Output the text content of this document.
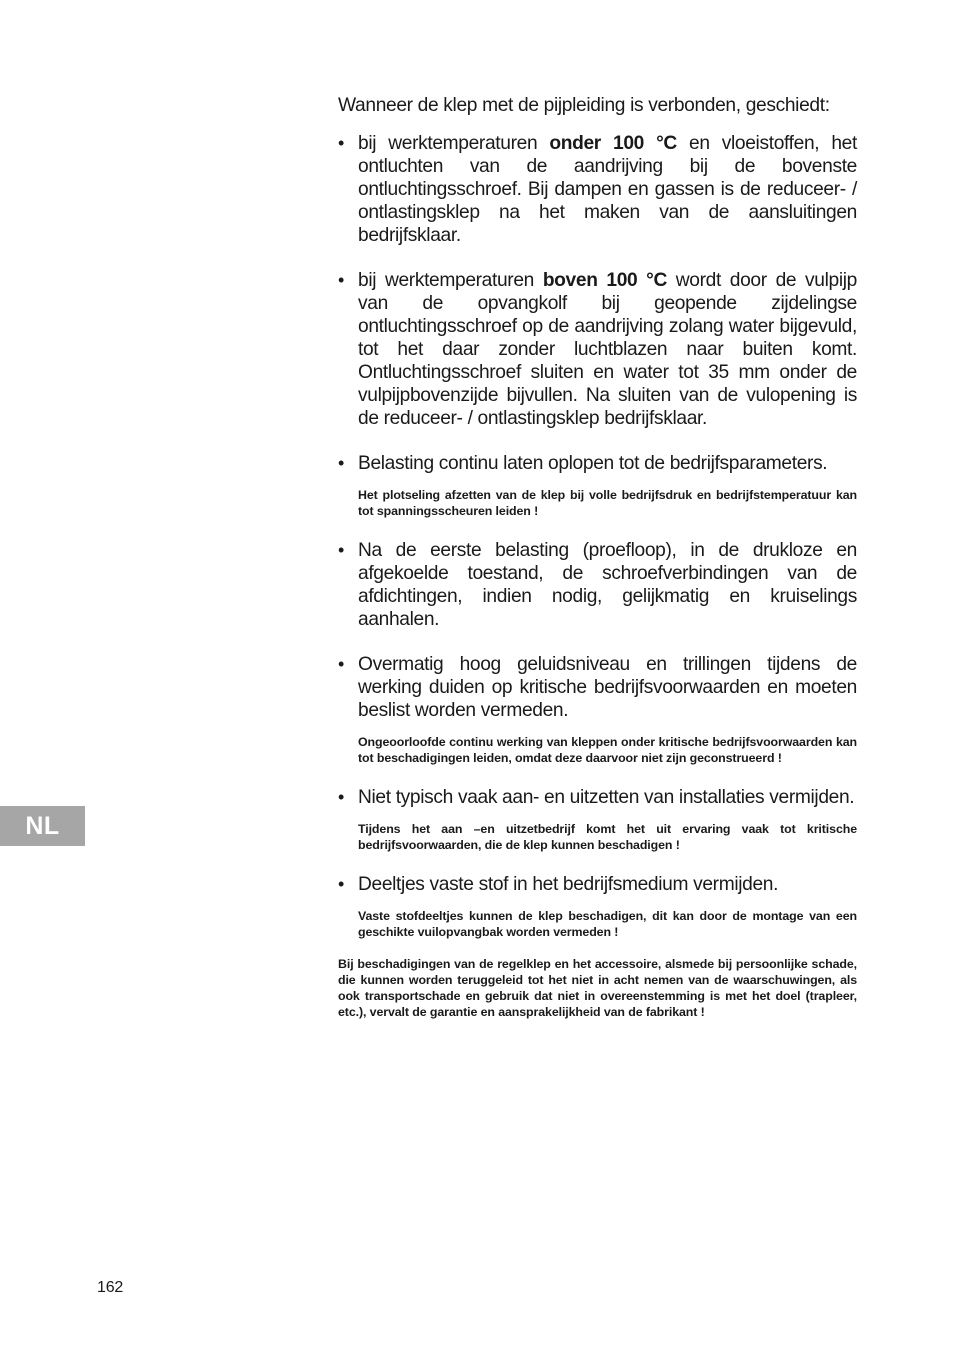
Wanneer de klep met de pijpleiding is verbonden, geschiedt:

• bij werktemperaturen onder 100 °C en vloeistoffen, het ontluchten van de aandrijving bij de bovenste ontluchtingsschroef. Bij dampen en gassen is de reduceer- / ontlastingsklep na het maken van de aansluitingen bedrijfsklaar.
• bij werktemperaturen boven 100 °C wordt door de vulpijp van de opvangkolf bij geopende zijdelingse ontluchtingsschroef op de aandrijving zolang water bijgevuld, tot het daar zonder luchtblazen naar buiten komt. Ontluchtingsschroef sluiten en water tot 35 mm onder de vulpijpbovenzijde bijvullen. Na sluiten van de vulopening is de reduceer- / ontlastingsklep bedrijfsklaar.
• Belasting continu laten oplopen tot de bedrijfsparameters.

Het plotseling afzetten van de klep bij volle bedrijfsdruk en bedrijfstemperatuur kan tot spanningsscheuren leiden !

• Na de eerste belasting (proefloop), in de drukloze en afgekoelde toestand, de schroefverbindingen van de afdichtingen, indien nodig, gelijkmatig en kruiselings aanhalen.
• Overmatig hoog geluidsniveau en trillingen tijdens de werking duiden op kritische bedrijfsvoorwaarden en moeten beslist worden vermeden.

Ongeoorloofde continu werking van kleppen onder kritische bedrijfsvoorwaarden kan tot beschadigingen leiden, omdat deze daarvoor niet zijn geconstrueerd !

• Niet typisch vaak aan- en uitzetten van installaties vermijden.

Tijdens het aan –en uitzetbedrijf komt het uit ervaring vaak tot kritische bedrijfsvoorwaarden, die de klep kunnen beschadigen !

• Deeltjes vaste stof in het bedrijfsmedium vermijden.

Vaste stofdeeltjes kunnen de klep beschadigen, dit kan door de montage van een geschikte vuilopvangbak worden vermeden !

Bij beschadigingen van de regelklep en het accessoire, alsmede bij persoonlijke schade, die kunnen worden teruggeleid tot het niet in acht nemen van de waarschuwingen, als ook transportschade en gebruik dat niet in overeenstemming is met het doel (trapleer, etc.), vervalt de garantie en aansprakelijkheid van de fabrikant !

NL
162
